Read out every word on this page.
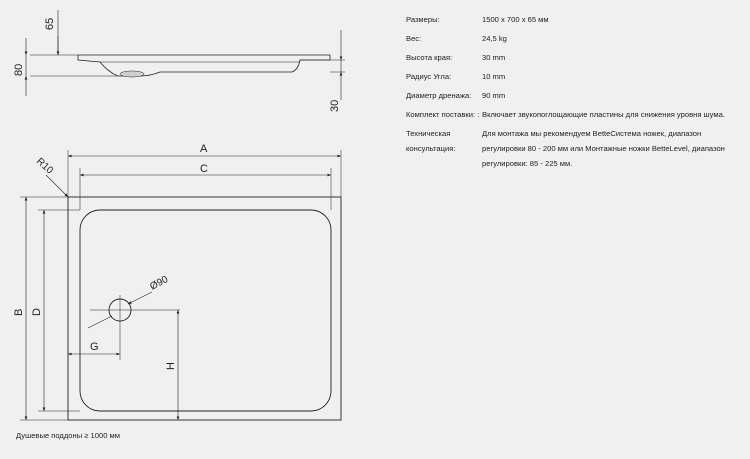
65
80
30
A
C
B D
R10
Ø90
G
H
Размеры:	1500 x 700 x 65 мм
Вес:	24,5 kg
Высота края:	30 mm
Радиус Угла:	10 mm
Диаметр дренажа:	90 mm
Комплект поставки: : Включает звукопоглощающие пластины для снижения уровня шума.
Техническая консультация:
Для монтажа мы рекомендуем BetteСистема ножек, диапазон регулировки 80 - 200 мм или Монтажные ножки BetteLevel, диапазон регулировки: 85 - 225 мм.
Душевые поддоны ≥ 1000 мм
